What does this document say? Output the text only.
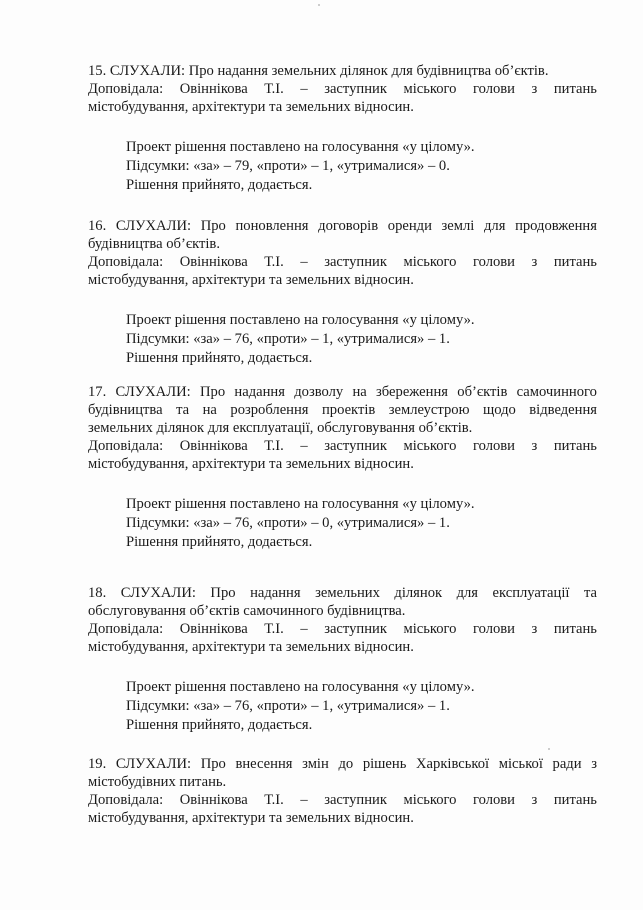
15. СЛУХАЛИ: Про надання земельних ділянок для будівництва об’єктів.
Доповідала: Овіннікова Т.І. – заступник міського голови з питань
містобудування, архітектури та земельних відносин.
Проект рішення поставлено на голосування «у цілому».
Підсумки: «за» – 79, «проти» – 1, «утрималися» – 0.
Рішення прийнято, додається.
16. СЛУХАЛИ: Про поновлення договорів оренди землі для продовження
будівництва об’єктів.
Доповідала: Овіннікова Т.І. – заступник міського голови з питань
містобудування, архітектури та земельних відносин.
Проект рішення поставлено на голосування «у цілому».
Підсумки: «за» – 76, «проти» – 1, «утрималися» – 1.
Рішення прийнято, додається.
17. СЛУХАЛИ: Про надання дозволу на збереження об’єктів самочинного
будівництва та на розроблення проектів землеустрою щодо відведення
земельних ділянок для експлуатації, обслуговування об’єктів.
Доповідала: Овіннікова Т.І. – заступник міського голови з питань
містобудування, архітектури та земельних відносин.
Проект рішення поставлено на голосування «у цілому».
Підсумки: «за» – 76, «проти» – 0, «утрималися» – 1.
Рішення прийнято, додається.
18. СЛУХАЛИ: Про надання земельних ділянок для експлуатації та
обслуговування об’єктів самочинного будівництва.
Доповідала: Овіннікова Т.І. – заступник міського голови з питань
містобудування, архітектури та земельних відносин.
Проект рішення поставлено на голосування «у цілому».
Підсумки: «за» – 76, «проти» – 1, «утрималися» – 1.
Рішення прийнято, додається.
19. СЛУХАЛИ: Про внесення змін до рішень Харківської міської ради з
містобудівних питань.
Доповідала: Овіннікова Т.І. – заступник міського голови з питань
містобудування, архітектури та земельних відносин.
